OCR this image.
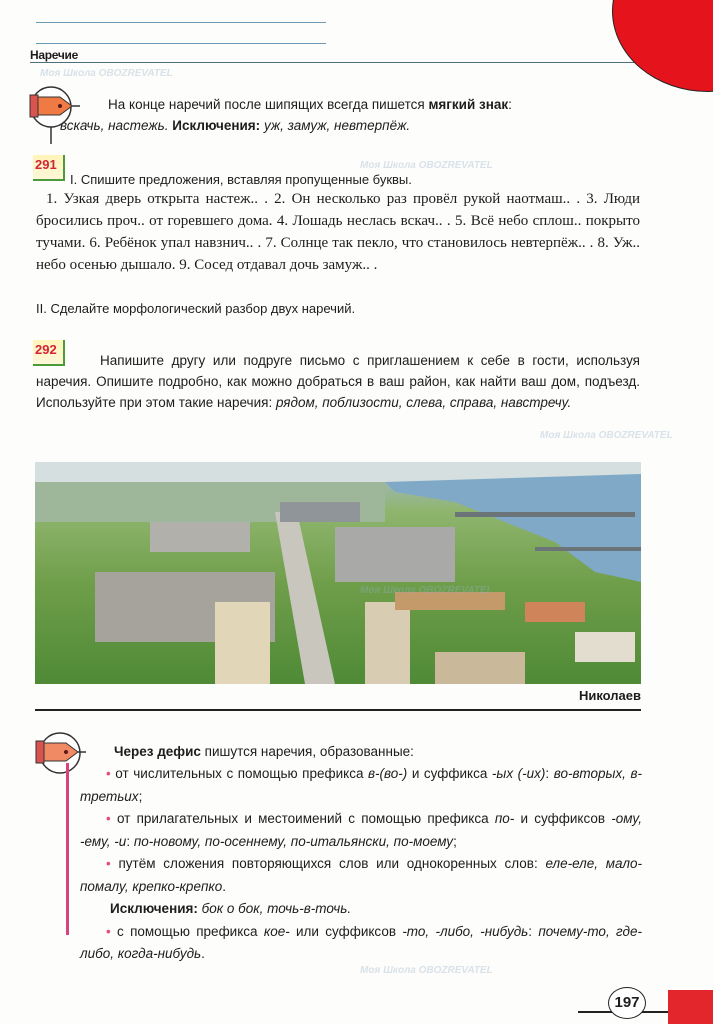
Наречие

На конце наречий после шипящих всегда пишется мягкий знак:

вскачь, настежь. Исключения: уж, замуж, невтерпёж.
291
I. Спишите предложения, вставляя пропущенные буквы.

1. Узкая дверь открыта настеж.. . 2. Он несколько раз провёл рукой наотмаш.. . 3. Люди бросились проч.. от горевшего дома. 4. Лошадь неслась вскач.. . 5. Всё небо сплош.. покрыто тучами. 6. Ребёнок упал навзнич.. . 7. Солнце так пекло, что становилось невтерпёж.. . 8. Уж.. небо осенью дышало. 9. Сосед отдавал дочь замуж.. .

II. Сделайте морфологический разбор двух наречий.
292

Напишите другу или подруге письмо с приглашением к себе в гости, используя наречия. Опишите подробно, как можно добраться в ваш район, как найти ваш дом, подъезд. Используйте при этом такие наречия: рядом, поблизости, слева, справа, навстречу.

Николаев

Через дефис пишутся наречия, образованные:

• от числительных с помощью префикса в-(во-) и суффикса -ых (-их): во-вторых, в-третьих;

• от прилагательных и местоимений с помощью префикса по- и суффиксов -ому, -ему, -и: по-новому, по-осеннему, по-итальянски, по-моему;

• путём сложения повторяющихся слов или однокоренных слов: еле-еле, мало-помалу, крепко-крепко.

Исключения: бок о бок, точь-в-точь.

• с помощью префикса кое- или суффиксов -то, -либо, -нибудь: почему-то, где-либо, когда-нибудь.

197
Моя Школа OBOZREVATEL
Моя Школа OBOZREVATEL
Моя Школа OBOZREVATEL
Моя Школа OBOZREVATEL
Моя Школа OBOZREVATEL
